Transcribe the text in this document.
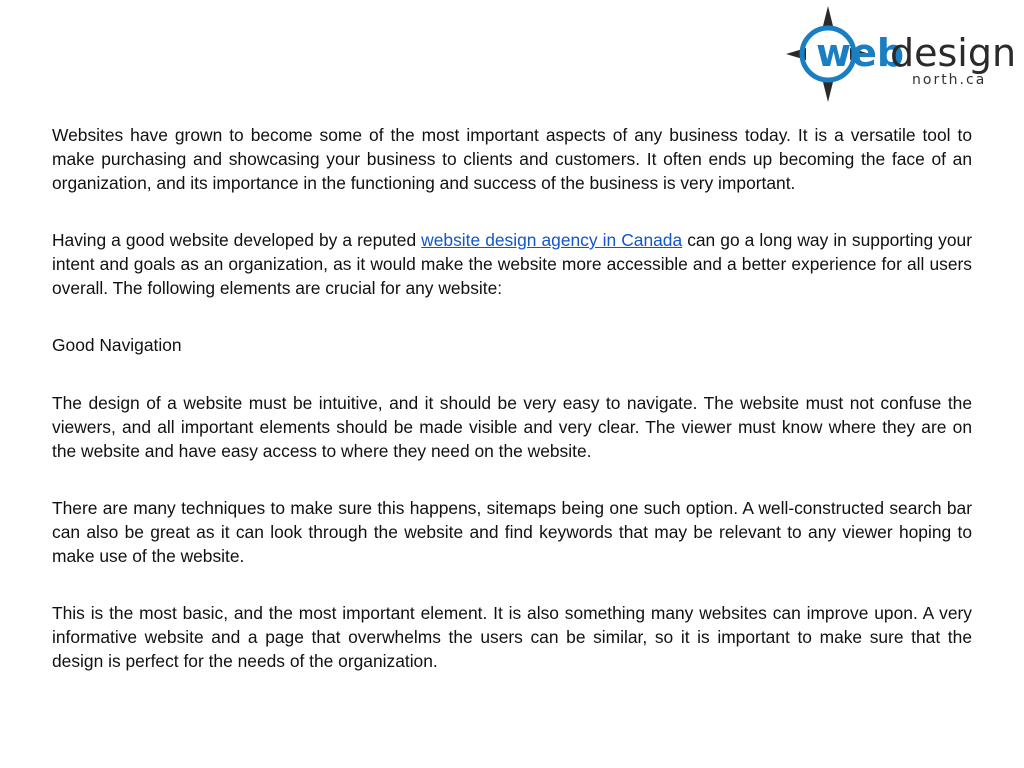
web
design
north.ca

Websites have grown to become some of the most important aspects of any business today. It is a versatile tool to make purchasing and showcasing your business to clients and customers. It often ends up becoming the face of an organization, and its importance in the functioning and success of the business is very important.

Having a good website developed by a reputed website design agency in Canada can go a long way in supporting your intent and goals as an organization, as it would make the website more accessible and a better experience for all users overall. The following elements are crucial for any website:

Good Navigation

The design of a website must be intuitive, and it should be very easy to navigate. The website must not confuse the viewers, and all important elements should be made visible and very clear. The viewer must know where they are on the website and have easy access to where they need on the website.

There are many techniques to make sure this happens, sitemaps being one such option. A well-constructed search bar can also be great as it can look through the website and find keywords that may be relevant to any viewer hoping to make use of the website.

This is the most basic, and the most important element. It is also something many websites can improve upon. A very informative website and a page that overwhelms the users can be similar, so it is important to make sure that the design is perfect for the needs of the organization.
